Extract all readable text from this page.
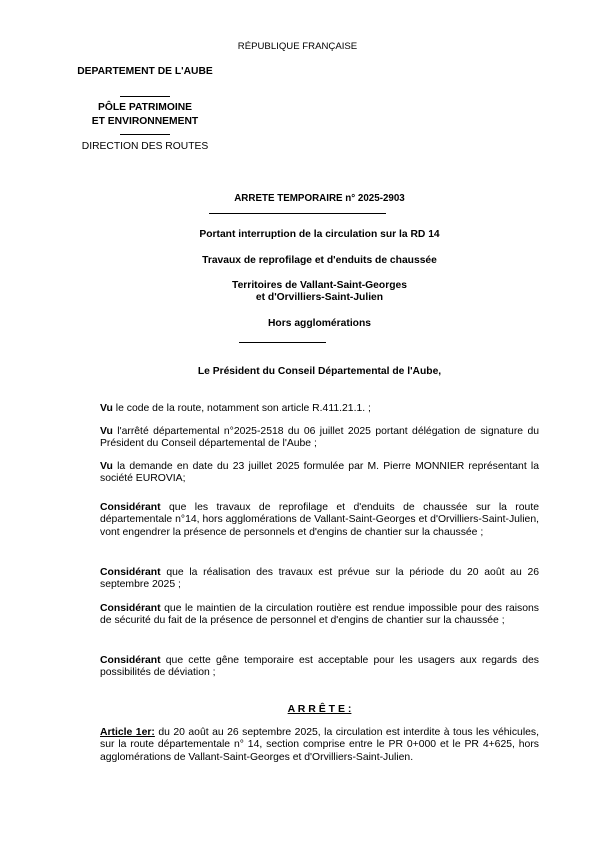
RÉPUBLIQUE FRANÇAISE
DEPARTEMENT DE L'AUBE
PÔLE PATRIMOINE
ET ENVIRONNEMENT
DIRECTION DES ROUTES
ARRETE TEMPORAIRE n° 2025-2903
Portant interruption de la circulation sur la RD 14
Travaux de reprofilage et d'enduits de chaussée
Territoires de Vallant-Saint-Georges
et d'Orvilliers-Saint-Julien
Hors agglomérations
Le Président du Conseil Départemental de l'Aube,
Vu le code de la route, notamment son article R.411.21.1. ;
Vu l'arrêté départemental n°2025-2518 du 06 juillet 2025 portant délégation de signature du Président du Conseil départemental de l'Aube ;
Vu la demande en date du 23 juillet 2025 formulée par M. Pierre MONNIER représentant la société EUROVIA;
Considérant que les travaux de reprofilage et d'enduits de chaussée sur la route départementale n°14, hors agglomérations de Vallant-Saint-Georges et d'Orvilliers-Saint-Julien, vont engendrer la présence de personnels et d'engins de chantier sur la chaussée ;
Considérant que la réalisation des travaux est prévue sur la période du 20 août au 26 septembre 2025 ;
Considérant que le maintien de la circulation routière est rendue impossible pour des raisons de sécurité du fait de la présence de personnel et d'engins de chantier sur la chaussée ;
Considérant que cette gêne temporaire est acceptable pour les usagers aux regards des possibilités de déviation ;
A R R Ê T E :
Article 1er: du 20 août au 26 septembre 2025, la circulation est interdite à tous les véhicules, sur la route départementale n° 14, section comprise entre le PR 0+000 et le PR 4+625, hors agglomérations de Vallant-Saint-Georges et d'Orvilliers-Saint-Julien.
